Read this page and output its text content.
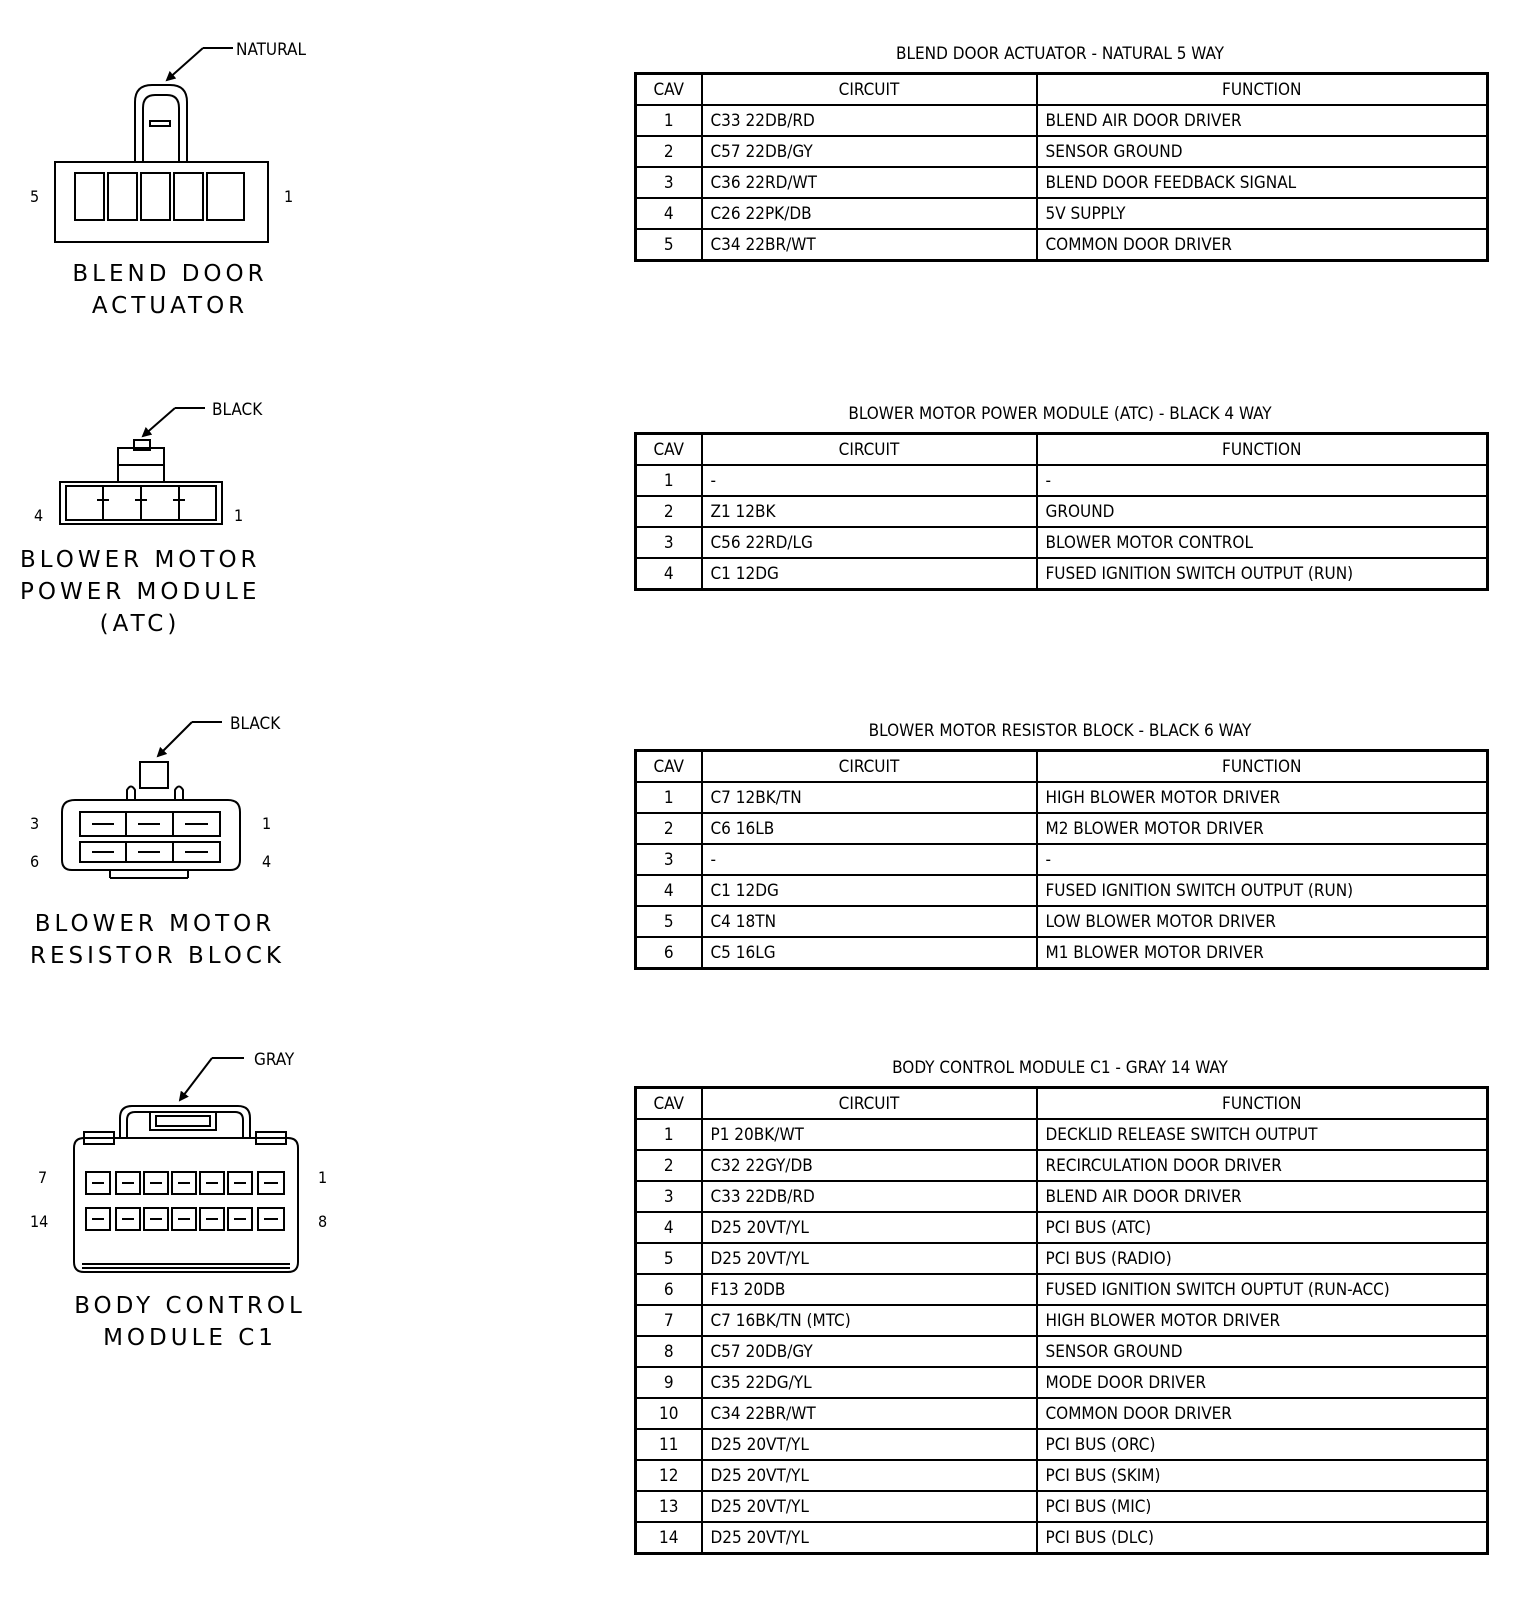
NATURAL
5	1
BLEND DOOR
ACTUATOR
BLACK
4	1
BLOWER MOTOR
POWER MODULE
(ATC)
BLACK
3	1
6	4
BLOWER MOTOR
RESISTOR BLOCK
GRAY
7	1
14	8
BODY CONTROL
MODULE C1
BLEND DOOR ACTUATOR - NATURAL 5 WAY
CAV	CIRCUIT	FUNCTION
1	C33 22DB/RD	BLEND AIR DOOR DRIVER
2	C57 22DB/GY	SENSOR GROUND
3	C36 22RD/WT	BLEND DOOR FEEDBACK SIGNAL
4	C26 22PK/DB	5V SUPPLY
5	C34 22BR/WT	COMMON DOOR DRIVER
BLOWER MOTOR POWER MODULE (ATC) - BLACK 4 WAY
CAV	CIRCUIT	FUNCTION
1	-	-
2	Z1 12BK	GROUND
3	C56 22RD/LG	BLOWER MOTOR CONTROL
4	C1 12DG	FUSED IGNITION SWITCH OUTPUT (RUN)
BLOWER MOTOR RESISTOR BLOCK - BLACK 6 WAY
CAV	CIRCUIT	FUNCTION
1	C7 12BK/TN	HIGH BLOWER MOTOR DRIVER
2	C6 16LB	M2 BLOWER MOTOR DRIVER
3	-	-
4	C1 12DG	FUSED IGNITION SWITCH OUTPUT (RUN)
5	C4 18TN	LOW BLOWER MOTOR DRIVER
6	C5 16LG	M1 BLOWER MOTOR DRIVER
BODY CONTROL MODULE C1 - GRAY 14 WAY
CAV	CIRCUIT	FUNCTION
1	P1 20BK/WT	DECKLID RELEASE SWITCH OUTPUT
2	C32 22GY/DB	RECIRCULATION DOOR DRIVER
3	C33 22DB/RD	BLEND AIR DOOR DRIVER
4	D25 20VT/YL	PCI BUS (ATC)
5	D25 20VT/YL	PCI BUS (RADIO)
6	F13 20DB	FUSED IGNITION SWITCH OUPTUT (RUN-ACC)
7	C7 16BK/TN (MTC)	HIGH BLOWER MOTOR DRIVER
8	C57 20DB/GY	SENSOR GROUND
9	C35 22DG/YL	MODE DOOR DRIVER
10	C34 22BR/WT	COMMON DOOR DRIVER
11	D25 20VT/YL	PCI BUS (ORC)
12	D25 20VT/YL	PCI BUS (SKIM)
13	D25 20VT/YL	PCI BUS (MIC)
14	D25 20VT/YL	PCI BUS (DLC)
